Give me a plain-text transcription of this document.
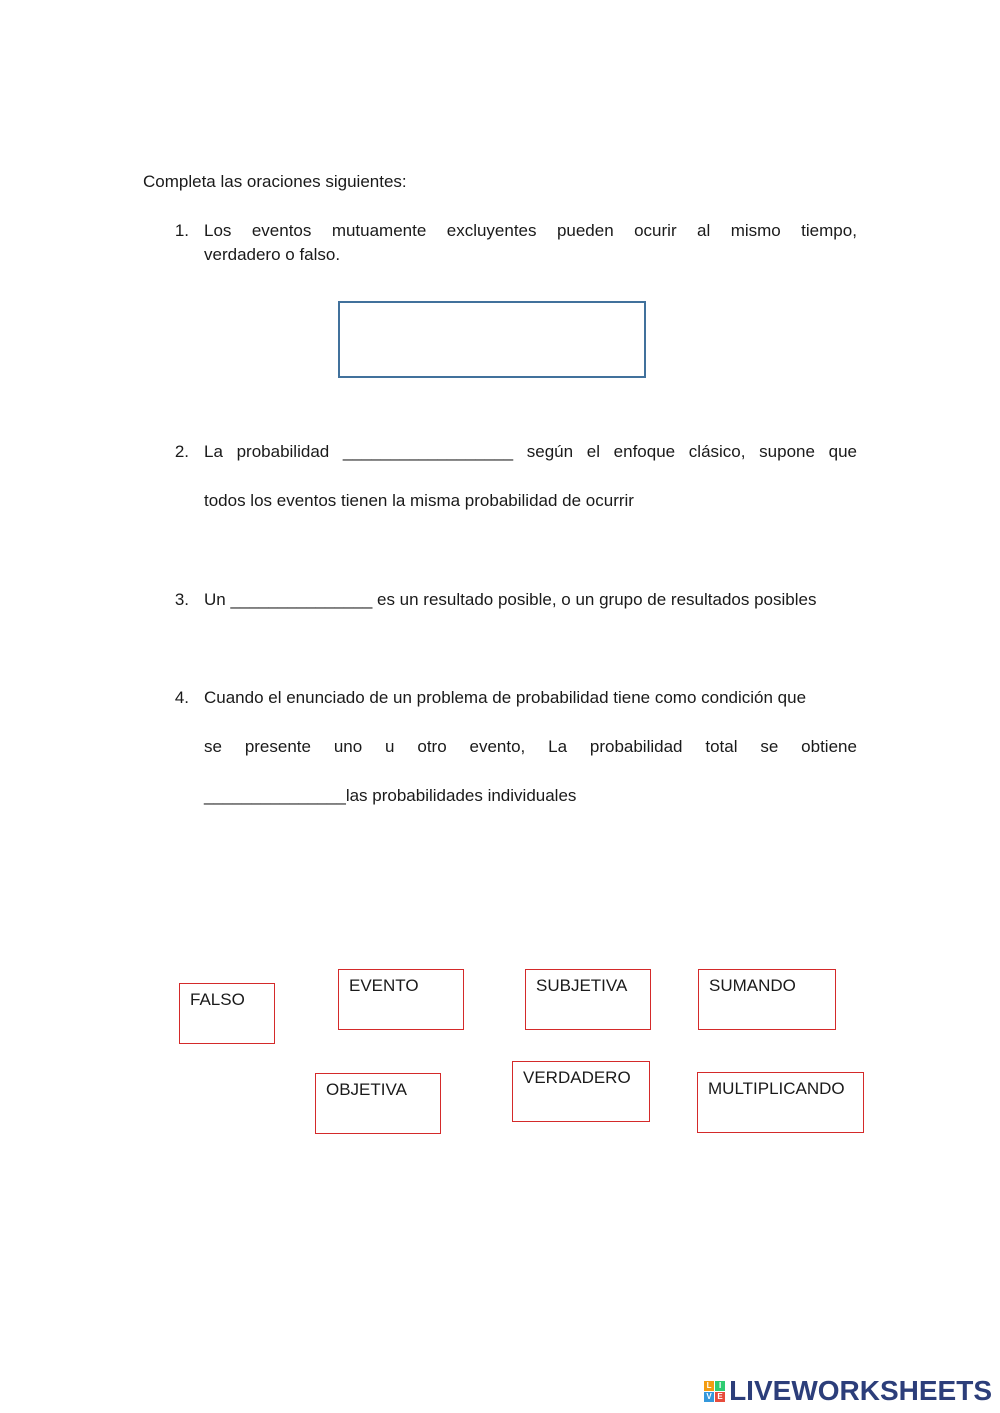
Completa las oraciones siguientes:
1. Los eventos mutuamente excluyentes pueden ocurir al mismo tiempo,
verdadero o falso.
2. La probabilidad __________________ según el enfoque clásico, supone que
todos los eventos tienen la misma probabilidad de ocurrir
3. Un _______________ es un resultado posible, o un grupo de resultados posibles
4. Cuando el enunciado de un problema de probabilidad tiene como condición que
se presente uno u otro evento, La probabilidad total se obtiene
_______________las probabilidades individuales
FALSO
EVENTO	SUBJETIVA	SUMANDO
OBJETIVA
VERDADERO
MULTIPLICANDO
L I
V E LIVEWORKSHEETS
